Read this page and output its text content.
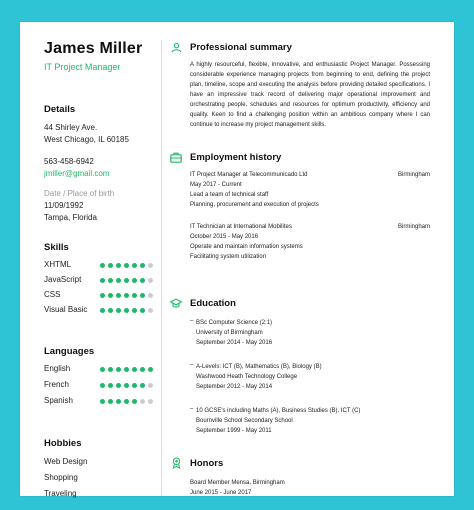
James Miller
IT Project Manager
Details
44 Shirley Ave.
West Chicago, IL 60185
563-458-6942
jmiller@gmail.com
Date / Place of birth
11/09/1992
Tampa, Florida
Skills
XHTML
JavaScript
CSS
Visual Basic
Languages
English
French
Spanish
Hobbies
Web Design
Shopping
Traveling
Professional summary
A highly resourceful, flexible, innovative, and enthusiastic Project Manager. Possessing considerable experience managing projects from beginning to end, defining the project plan, timeline, scope and executing the analysis before providing detailed specifications. I have an impressive track record of delivering major operational improvement and orchestrating people, schedules and resources for optimum productivity, efficiency and quality. Keen to find a challenging position within an ambitious company where I can continue to increase my project management skills.
Employment history
IT Project Manager at Telecommunicado Ltd	Birmingham
May 2017 - Current
Lead a team of technical staff
Planning, procurement and execution of projects
IT Technician at International Mobilites	Birmingham
October 2015 - May 2016
Operate and maintain information systems
Facilitating system utilization
Education
– BSc Computer Science (2:1)
University of Birmingham
September 2014 - May 2016
– A-Levels: ICT (B), Mathematics (B), Biology (B)
Washwood Heath Technology College
September 2012 - May 2014
– 10 GCSE's including Maths (A), Business Studies (B), ICT (C)
Bournville School Secondary School
September 1999 - May 2011
Honors
Board Member Mensa, Birmingham
June 2015 - June 2017
